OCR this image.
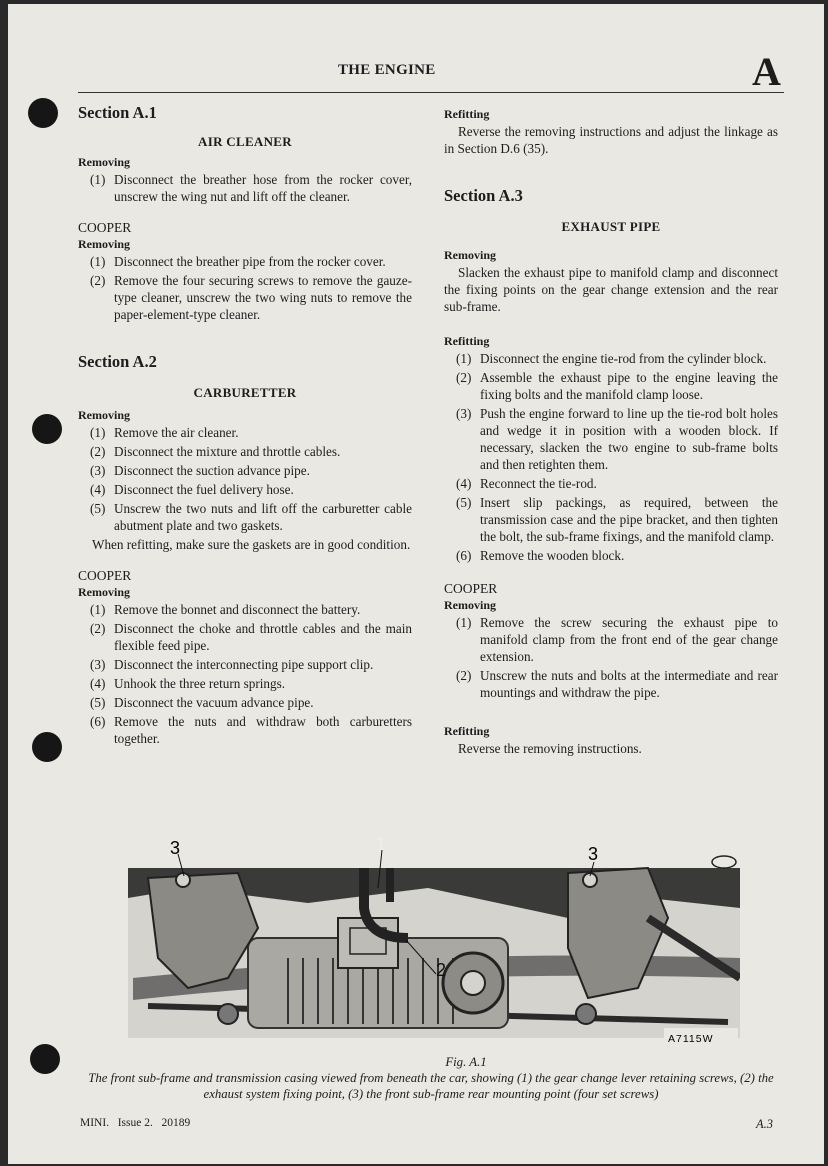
THE ENGINE	A

Section A.1

AIR CLEANER

Removing

(1) Disconnect the breather hose from the rocker cover, unscrew the wing nut and lift off the cleaner.

COOPER

Removing

(1) Disconnect the breather pipe from the rocker cover.
(2) Remove the four securing screws to remove the gauze-type cleaner, unscrew the two wing nuts to remove the paper-element-type cleaner.

Section A.2

CARBURETTER

Removing

(1) Remove the air cleaner.
(2) Disconnect the mixture and throttle cables.
(3) Disconnect the suction advance pipe.
(4) Disconnect the fuel delivery hose.
(5) Unscrew the two nuts and lift off the carburetter cable abutment plate and two gaskets.

When refitting, make sure the gaskets are in good condition.

COOPER

Removing

(1) Remove the bonnet and disconnect the battery.
(2) Disconnect the choke and throttle cables and the main flexible feed pipe.
(3) Disconnect the interconnecting pipe support clip.
(4) Unhook the three return springs.
(5) Disconnect the vacuum advance pipe.
(6) Remove the nuts and withdraw both carburetters together.

Refitting

Reverse the removing instructions and adjust the linkage as in Section D.6 (35).

Section A.3

EXHAUST PIPE

Removing

Slacken the exhaust pipe to manifold clamp and disconnect the fixing points on the gear change extension and the rear sub-frame.

Refitting

(1) Disconnect the engine tie-rod from the cylinder block.
(2) Assemble the exhaust pipe to the engine leaving the fixing bolts and the manifold clamp loose.
(3) Push the engine forward to line up the tie-rod bolt holes and wedge it in position with a wooden block. If necessary, slacken the two engine to sub-frame bolts and then retighten them.
(4) Reconnect the tie-rod.
(5) Insert slip packings, as required, between the transmission case and the pipe bracket, and then tighten the bolt, the sub-frame fixings, and the manifold clamp.
(6) Remove the wooden block.

COOPER

Removing

(1) Remove the screw securing the exhaust pipe to manifold clamp from the front end of the gear change extension.
(2) Unscrew the nuts and bolts at the intermediate and rear mountings and withdraw the pipe.

Refitting

Reverse the removing instructions.

3	1	3
2
A7115W
Fig. A.1
The front sub-frame and transmission casing viewed from beneath the car, showing (1) the gear change lever retaining screws, (2) the exhaust system fixing point, (3) the front sub-frame rear mounting point (four set screws)
MINI.   Issue 2.   20189	A.3
